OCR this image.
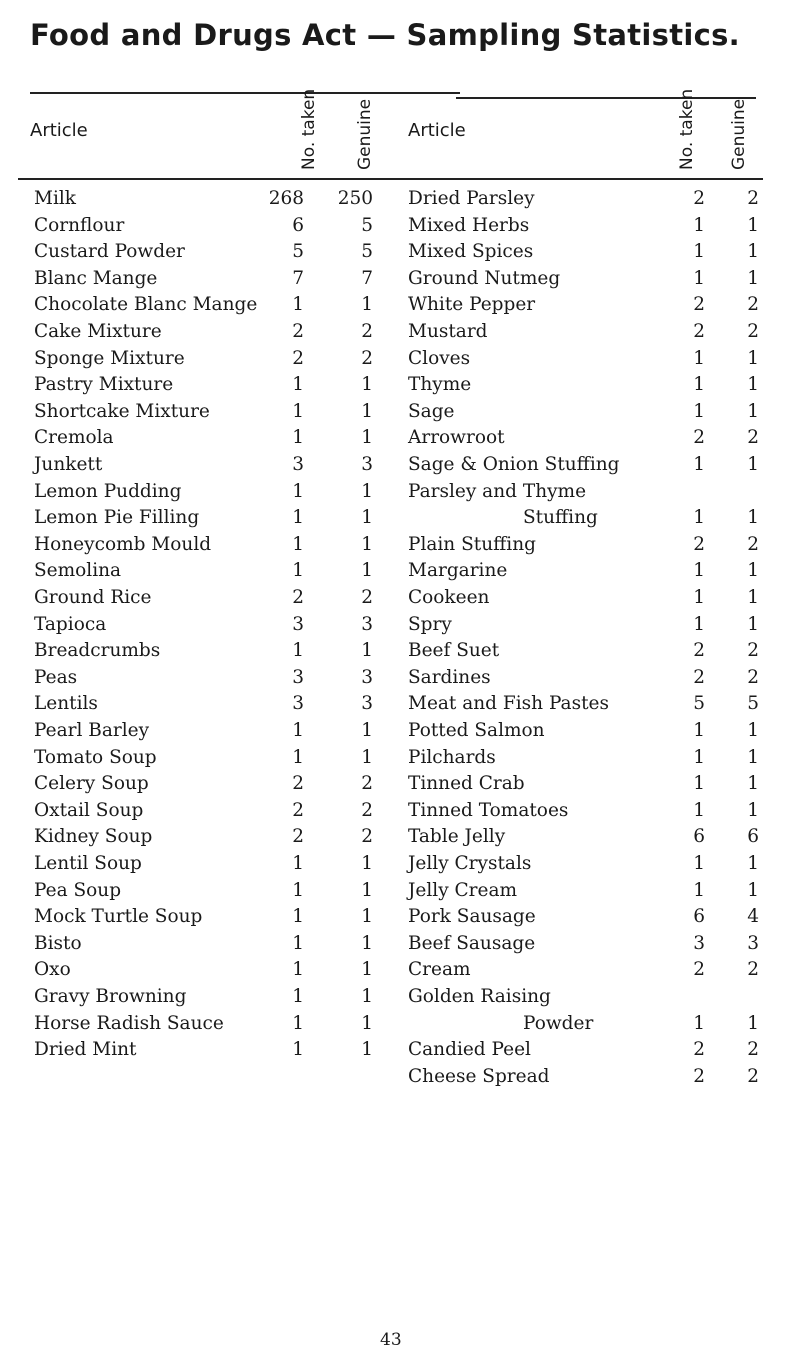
Food and Drugs Act — Sampling Statistics.
Article	No. taken Genuine Article	No. taken Genuine
Milk	268 250
Cornflour	6	5
Custard Powder	5	5
Blanc Mange	7	7
Chocolate Blanc Mange	1	1
Cake Mixture	2	2
Sponge Mixture	2	2
Pastry Mixture	1	1
Shortcake Mixture	1	1
Cremola	1	1
Junkett	3	3
Lemon Pudding	1	1
Lemon Pie Filling	1	1
Honeycomb Mould	1	1
Semolina	1	1
Ground Rice	2	2
Tapioca	3	3
Breadcrumbs	1	1
Peas	3	3
Lentils	3	3
Pearl Barley	1	1
Tomato Soup	1	1
Celery Soup	2	2
Oxtail Soup	2	2
Kidney Soup	2	2
Lentil Soup	1	1
Pea Soup	1	1
Mock Turtle Soup	1	1
Bisto	1	1
Oxo	1	1
Gravy Browning	1	1
Horse Radish Sauce	1	1
Dried Mint	1	1
Dried Parsley	2	2
Mixed Herbs	1	1
Mixed Spices	1	1
Ground Nutmeg	1	1
White Pepper	2	2
Mustard	2	2
Cloves	1	1
Thyme	1	1
Sage	1	1
Arrowroot	2	2
Sage & Onion Stuffing	1	1
Parsley and Thyme
Stuffing	1	1
Plain Stuffing	2	2
Margarine	1	1
Cookeen	1	1
Spry	1	1
Beef Suet	2	2
Sardines	2	2
Meat and Fish Pastes	5	5
Potted Salmon	1	1
Pilchards	1	1
Tinned Crab	1	1
Tinned Tomatoes	1	1
Table Jelly	6	6
Jelly Crystals	1	1
Jelly Cream	1	1
Pork Sausage	6	4
Beef Sausage	3	3
Cream	2	2
Golden Raising
Powder	1	1
Candied Peel	2	2
Cheese Spread	2	2
43
